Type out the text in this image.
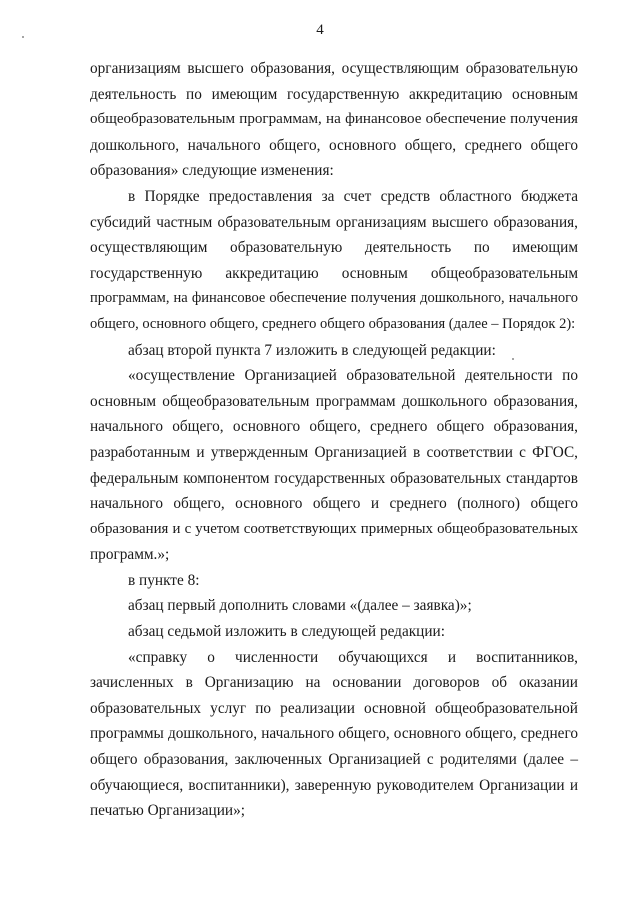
4
организациям высшего образования, осуществляющим образовательную
деятельность по имеющим государственную аккредитацию основным
общеобразовательным программам, на финансовое обеспечение получения
дошкольного, начального общего, основного общего, среднего общего
образования» следующие изменения:
в Порядке предоставления за счет средств областного бюджета
субсидий частным образовательным организациям высшего образования,
осуществляющим образовательную деятельность по имеющим
государственную аккредитацию основным общеобразовательным
программам, на финансовое обеспечение получения дошкольного, начального
общего, основного общего, среднего общего образования (далее – Порядок 2):
абзац второй пункта 7 изложить в следующей редакции:
«осуществление Организацией образовательной деятельности по
основным общеобразовательным программам дошкольного образования,
начального общего, основного общего, среднего общего образования,
разработанным и утвержденным Организацией в соответствии с ФГОС,
федеральным компонентом государственных образовательных стандартов
начального общего, основного общего и среднего (полного) общего
образования и с учетом соответствующих примерных общеобразовательных
программ.»;
в пункте 8:
абзац первый дополнить словами «(далее – заявка)»;
абзац седьмой изложить в следующей редакции:
«справку о численности обучающихся и воспитанников,
зачисленных в Организацию на основании договоров об оказании
образовательных услуг по реализации основной общеобразовательной
программы дошкольного, начального общего, основного общего, среднего
общего образования, заключенных Организацией с родителями (далее –
обучающиеся, воспитанники), заверенную руководителем Организации и
печатью Организации»;
